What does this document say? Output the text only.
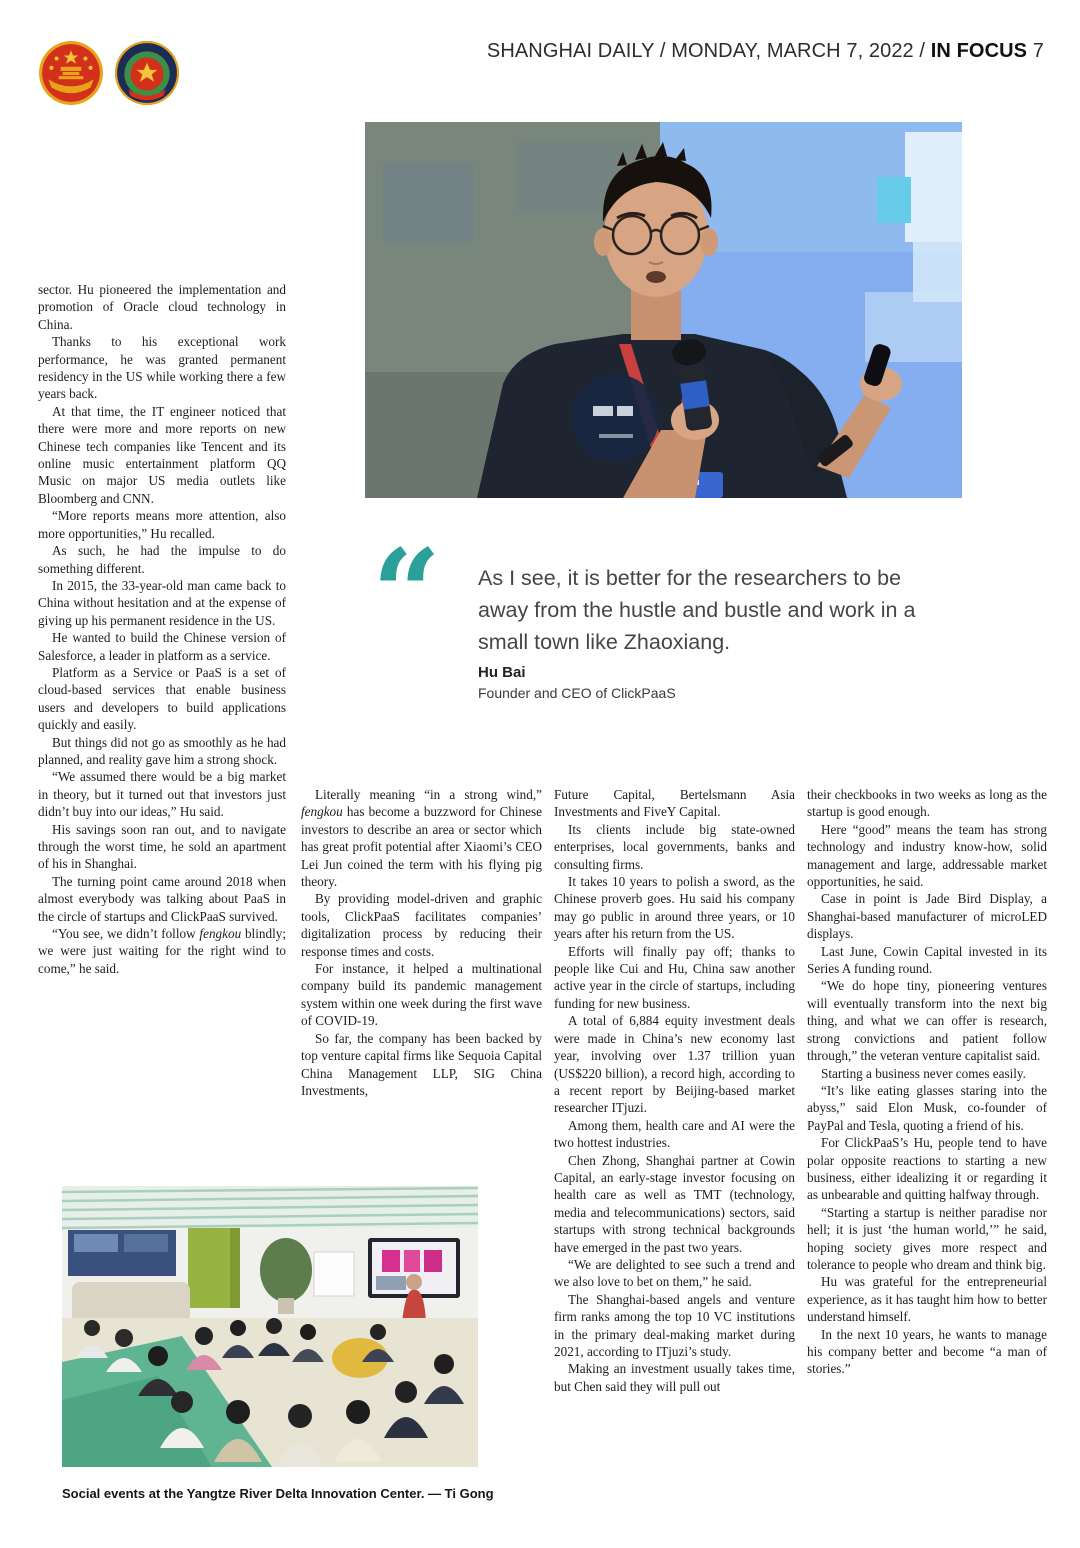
SHANGHAI DAILY / MONDAY, MARCH 7, 2022 / IN FOCUS 7
“ As I see, it is better for the researchers to be away from the hustle and bustle and work in a small town like Zhaoxiang.
Hu Bai
Founder and CEO of ClickPaaS

sector. Hu pioneered the implementation and promotion of Oracle cloud technology in China.

Thanks to his exceptional work performance, he was granted permanent residency in the US while working there a few years back.

At that time, the IT engineer noticed that there were more and more reports on new Chinese tech companies like Tencent and its online music entertainment platform QQ Music on major US media outlets like Bloomberg and CNN.

“More reports means more attention, also more opportunities,” Hu recalled.

As such, he had the impulse to do something different.

In 2015, the 33-year-old man came back to China without hesitation and at the expense of giving up his permanent residence in the US.

He wanted to build the Chinese version of Salesforce, a leader in platform as a service.

Platform as a Service or PaaS is a set of cloud-based services that enable business users and developers to build applications quickly and easily.

But things did not go as smoothly as he had planned, and reality gave him a strong shock.

“We assumed there would be a big market in theory, but it turned out that investors just didn’t buy into our ideas,” Hu said.

His savings soon ran out, and to navigate through the worst time, he sold an apartment of his in Shanghai.

The turning point came around 2018 when almost everybody was talking about PaaS in the circle of startups and ClickPaaS survived.

“You see, we didn’t follow fengkou blindly; we were just waiting for the right wind to come,” he said.

Literally meaning “in a strong wind,” fengkou has become a buzzword for Chinese investors to describe an area or sector which has great profit potential after Xiaomi’s CEO Lei Jun coined the term with his flying pig theory.

By providing model-driven and graphic tools, ClickPaaS facilitates companies’ digitalization process by reducing their response times and costs.

For instance, it helped a multinational company build its pandemic management system within one week during the first wave of COVID-19.

So far, the company has been backed by top venture capital firms like Sequoia Capital China Management LLP, SIG China Investments,

Future Capital, Bertelsmann Asia Investments and FiveY Capital.

Its clients include big state-owned enterprises, local governments, banks and consulting firms.

It takes 10 years to polish a sword, as the Chinese proverb goes. Hu said his company may go public in around three years, or 10 years after his return from the US.

Efforts will finally pay off; thanks to people like Cui and Hu, China saw another active year in the circle of startups, including funding for new business.

A total of 6,884 equity investment deals were made in China’s new economy last year, involving over 1.37 trillion yuan (US$220 billion), a record high, according to a recent report by Beijing-based market researcher ITjuzi.

Among them, health care and AI were the two hottest industries.

Chen Zhong, Shanghai partner at Cowin Capital, an early-stage investor focusing on health care as well as TMT (technology, media and telecommunications) sectors, said startups with strong technical backgrounds have emerged in the past two years.

“We are delighted to see such a trend and we also love to bet on them,” he said.

The Shanghai-based angels and venture firm ranks among the top 10 VC institutions in the primary deal-making market during 2021, according to ITjuzi’s study.

Making an investment usually takes time, but Chen said they will pull out

their checkbooks in two weeks as long as the startup is good enough.

Here “good” means the team has strong technology and industry know-how, solid management and large, addressable market opportunities, he said.

Case in point is Jade Bird Display, a Shanghai-based manufacturer of microLED displays.

Last June, Cowin Capital invested in its Series A funding round.

“We do hope tiny, pioneering ventures will eventually transform into the next big thing, and what we can offer is research, strong convictions and patient follow through,” the veteran venture capitalist said.

Starting a business never comes easily.

“It’s like eating glasses staring into the abyss,” said Elon Musk, co-founder of PayPal and Tesla, quoting a friend of his.

For ClickPaaS’s Hu, people tend to have polar opposite reactions to starting a new business, either idealizing it or regarding it as unbearable and quitting halfway through.

“Starting a startup is neither paradise nor hell; it is just ‘the human world,’” he said, hoping society gives more respect and tolerance to people who dream and think big.

Hu was grateful for the entrepreneurial experience, as it has taught him how to better understand himself.

In the next 10 years, he wants to manage his company better and become “a man of stories.”

Social events at the Yangtze River Delta Innovation Center. — Ti Gong
